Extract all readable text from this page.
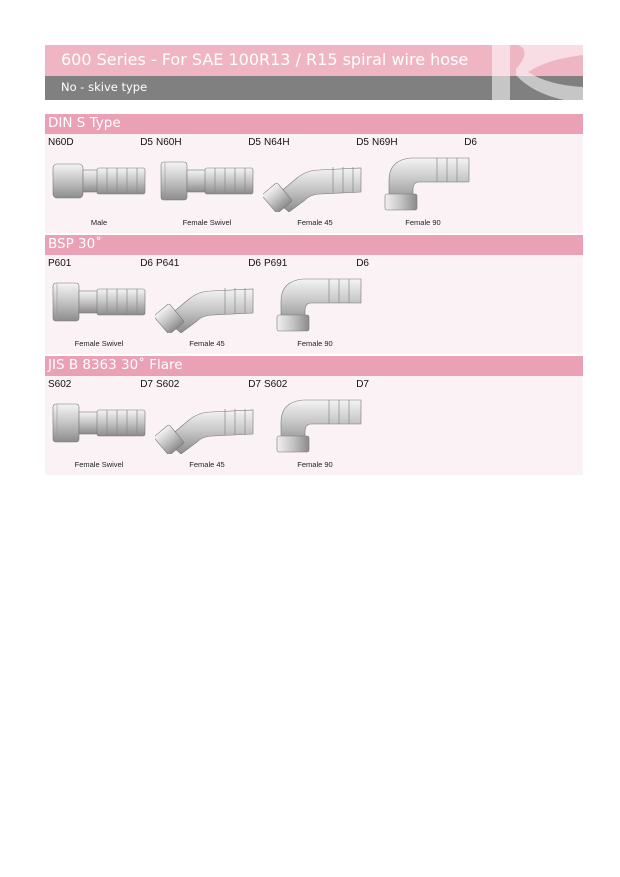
600 Series - For SAE 100R13 / R15 spiral wire hose
No - skive type
DIN S Type
N60D	D5
Male
N60H	D5
Female Swivel
N64H	D5
Female 45
N69H	D6
Female 90
BSP 30˚
P601	D6
Female Swivel
P641	D6
Female 45
P691	D6
Female 90
JIS B 8363 30˚ Flare
S602	D7
Female Swivel
S602	D7
Female 45
S602	D7
Female 90
